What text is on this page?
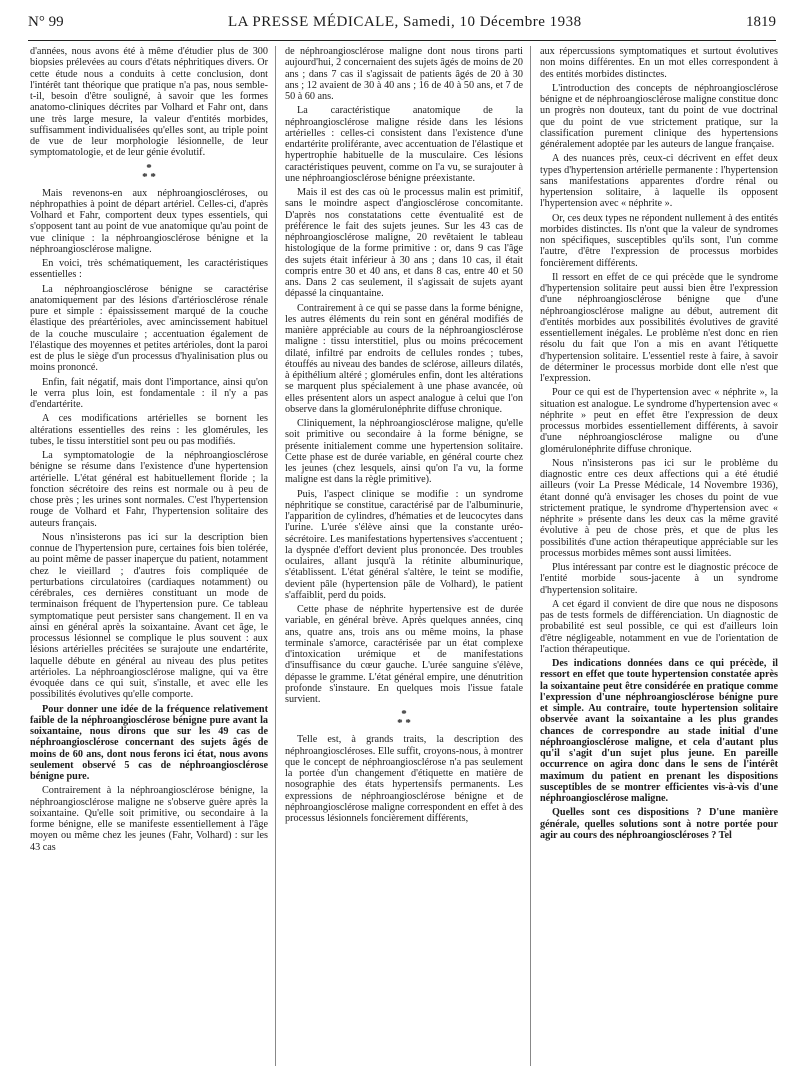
N° 99	LA PRESSE MÉDICALE, Samedi, 10 Décembre 1938	1819

d'années, nous avons été à même d'étudier plus de 300 biopsies prélevées au cours d'états néphritiques divers. Or cette étude nous a conduits à cette conclusion, dont l'intérêt tant théorique que pratique n'a pas, nous semble-t-il, besoin d'être souligné, à savoir que les formes anatomo-cliniques décrites par Volhard et Fahr ont, dans une très large mesure, la valeur d'entités morbides, suffisamment individualisées qu'elles sont, au triple point de vue de leur morphologie lésionnelle, de leur symptomatologie, et de leur génie évolutif.

*
* *

Mais revenons-en aux néphroangioscléroses, ou néphropathies à point de départ artériel. Celles-ci, d'après Volhard et Fahr, comportent deux types essentiels, qui s'opposent tant au point de vue anatomique qu'au point de vue clinique : la néphroangiosclérose bénigne et la néphroangiosclérose maligne.

En voici, très schématiquement, les caractéristiques essentielles :

La néphroangiosclérose bénigne se caractérise anatomiquement par des lésions d'artériosclérose rénale pure et simple : épaississement marqué de la couche élastique des préartérioles, avec amincissement habituel de la couche musculaire ; accentuation également de l'élastique des moyennes et petites artérioles, dont la paroi est de plus le siège d'un processus d'hyalinisation plus ou moins prononcé.

Enfin, fait négatif, mais dont l'importance, ainsi qu'on le verra plus loin, est fondamentale : il n'y a pas d'endartérite.

A ces modifications artérielles se bornent les altérations essentielles des reins : les glomérules, les tubes, le tissu interstitiel sont peu ou pas modifiés.

La symptomatologie de la néphroangiosclérose bénigne se résume dans l'existence d'une hypertension artérielle. L'état général est habituellement floride ; la fonction sécrétoire des reins est normale ou à peu de chose près ; les urines sont normales. C'est l'hypertension rouge de Volhard et Fahr, l'hypertension solitaire des auteurs français.

Nous n'insisterons pas ici sur la description bien connue de l'hypertension pure, certaines fois bien tolérée, au point même de passer inaperçue du patient, notamment chez le vieillard ; d'autres fois compliquée de perturbations circulatoires (cardiaques notamment) ou cérébrales, ces dernières constituant un mode de terminaison fréquent de l'hypertension pure. Ce tableau symptomatique peut persister sans changement. Il en va ainsi en général après la soixantaine. Avant cet âge, le processus lésionnel se complique le plus souvent : aux lésions artérielles précitées se surajoute une endartérite, laquelle débute en général au niveau des plus petites artérioles. La néphroangiosclérose maligne, qui va être évoquée dans ce qui suit, s'installe, et avec elle les possibilités évolutives qu'elle comporte.

Pour donner une idée de la fréquence relativement faible de la néphroangiosclérose bénigne pure avant la soixantaine, nous dirons que sur les 49 cas de néphroangiosclérose concernant des sujets âgés de moins de 60 ans, dont nous ferons ici état, nous avons seulement observé 5 cas de néphroangiosclérose bénigne pure.

Contrairement à la néphroangiosclérose bénigne, la néphroangiosclérose maligne ne s'observe guère après la soixantaine. Qu'elle soit primitive, ou secondaire à la forme bénigne, elle se manifeste essentiellement à l'âge moyen ou même chez les jeunes (Fahr, Volhard) : sur les 43 cas

de néphroangiosclérose maligne dont nous tirons parti aujourd'hui, 2 concernaient des sujets âgés de moins de 20 ans ; dans 7 cas il s'agissait de patients âgés de 20 à 30 ans ; 12 avaient de 30 à 40 ans ; 16 de 40 à 50 ans, et 7 de 50 à 60 ans.

La caractéristique anatomique de la néphroangiosclérose maligne réside dans les lésions artérielles : celles-ci consistent dans l'existence d'une endartérite proliférante, avec accentuation de l'élastique et hypertrophie habituelle de la musculaire. Ces lésions caractéristiques peuvent, comme on l'a vu, se surajouter à une néphroangiosclérose bénigne préexistante.

Mais il est des cas où le processus malin est primitif, sans le moindre aspect d'angiosclérose concomitante. D'après nos constatations cette éventualité est de préférence le fait des sujets jeunes. Sur les 43 cas de néphroangiosclérose maligne, 20 revêtaient le tableau histologique de la forme primitive : or, dans 9 cas l'âge des sujets était inférieur à 30 ans ; dans 10 cas, il était compris entre 30 et 40 ans, et dans 8 cas, entre 40 et 50 ans. Dans 2 cas seulement, il s'agissait de sujets ayant dépassé la cinquantaine.

Contrairement à ce qui se passe dans la forme bénigne, les autres éléments du rein sont en général modifiés de manière appréciable au cours de la néphroangiosclérose maligne : tissu interstitiel, plus ou moins précocement dilaté, infiltré par endroits de cellules rondes ; tubes, étouffés au niveau des bandes de sclérose, ailleurs dilatés, à épithélium altéré ; glomérules enfin, dont les altérations se marquent plus spécialement à une phase avancée, où elles présentent alors un aspect analogue à celui que l'on observe dans la glomérulonéphrite diffuse chronique.

Cliniquement, la néphroangiosclérose maligne, qu'elle soit primitive ou secondaire à la forme bénigne, se présente initialement comme une hypertension solitaire. Cette phase est de durée variable, en général courte chez les jeunes (chez lesquels, ainsi qu'on l'a vu, la forme maligne est dans la règle primitive).

Puis, l'aspect clinique se modifie : un syndrome néphritique se constitue, caractérisé par de l'albuminurie, l'apparition de cylindres, d'hématies et de leucocytes dans l'urine. L'urée s'élève ainsi que la constante uréo-sécrétoire. Les manifestations hypertensives s'accentuent ; la dyspnée d'effort devient plus prononcée. Des troubles oculaires, allant jusqu'à la rétinite albuminurique, s'établissent. L'état général s'altère, le teint se modifie, devient pâle (hypertension pâle de Volhard), le patient s'affaiblit, perd du poids.

Cette phase de néphrite hypertensive est de durée variable, en général brève. Après quelques années, cinq ans, quatre ans, trois ans ou même moins, la phase terminale s'amorce, caractérisée par un état complexe d'intoxication urémique et de manifestations d'insuffisance du cœur gauche. L'urée sanguine s'élève, dépasse le gramme. L'état général empire, une dénutrition profonde s'instaure. En quelques mois l'issue fatale survient.

*
* *

Telle est, à grands traits, la description des néphroangioscléroses. Elle suffit, croyons-nous, à montrer que le concept de néphroangiosclérose n'a pas seulement la portée d'un changement d'étiquette en matière de nosographie des états hypertensifs permanents. Les expressions de néphroangiosclérose bénigne et de néphroangiosclérose maligne correspondent en effet à des processus lésionnels foncièrement différents,

aux répercussions symptomatiques et surtout évolutives non moins différentes. En un mot elles correspondent à des entités morbides distinctes.

L'introduction des concepts de néphroangiosclérose bénigne et de néphroangiosclérose maligne constitue donc un progrès non douteux, tant du point de vue doctrinal que du point de vue strictement pratique, sur la classification purement clinique des hypertensions généralement adoptée par les auteurs de langue française.

A des nuances près, ceux-ci décrivent en effet deux types d'hypertension artérielle permanente : l'hypertension sans manifestations apparentes d'ordre rénal ou hypertension solitaire, à laquelle ils opposent l'hypertension avec « néphrite ».

Or, ces deux types ne répondent nullement à des entités morbides distinctes. Ils n'ont que la valeur de syndromes non spécifiques, susceptibles qu'ils sont, l'un comme l'autre, d'être l'expression de processus morbides foncièrement différents.

Il ressort en effet de ce qui précède que le syndrome d'hypertension solitaire peut aussi bien être l'expression d'une néphroangiosclérose bénigne que d'une néphroangiosclérose maligne au début, autrement dit d'entités morbides aux possibilités évolutives de gravité essentiellement inégales. Le problème n'est donc en rien résolu du fait que l'on a mis en avant l'étiquette d'hypertension solitaire. L'essentiel reste à faire, à savoir de déterminer le processus morbide dont elle n'est que l'expression.

Pour ce qui est de l'hypertension avec « néphrite », la situation est analogue. Le syndrome d'hypertension avec « néphrite » peut en effet être l'expression de deux processus morbides essentiellement différents, à savoir d'une néphroangiosclérose maligne ou d'une glomérulonéphrite diffuse chronique.

Nous n'insisterons pas ici sur le problème du diagnostic entre ces deux affections qui a été étudié ailleurs (voir La Presse Médicale, 14 Novembre 1936), étant donné qu'à envisager les choses du point de vue strictement pratique, le syndrome d'hypertension avec « néphrite » présente dans les deux cas la même gravité évolutive à peu de chose près, et que de plus les possibilités d'une action thérapeutique appréciable sur les processus morbides mêmes sont aussi limitées.

Plus intéressant par contre est le diagnostic précoce de l'entité morbide sous-jacente à un syndrome d'hypertension solitaire.

A cet égard il convient de dire que nous ne disposons pas de tests formels de différenciation. Un diagnostic de probabilité est seul possible, ce qui est d'ailleurs loin d'être négligeable, notamment en vue de l'orientation de l'action thérapeutique.

Des indications données dans ce qui précède, il ressort en effet que toute hypertension constatée après la soixantaine peut être considérée en pratique comme l'expression d'une néphroangiosclérose bénigne pure et simple. Au contraire, toute hypertension solitaire observée avant la soixantaine a les plus grandes chances de correspondre au stade initial d'une néphroangiosclérose maligne, et cela d'autant plus qu'il s'agit d'un sujet plus jeune. En pareille occurrence on agira donc dans le sens de l'intérêt maximum du patient en prenant les dispositions susceptibles de se montrer efficientes vis-à-vis d'une néphroangiosclérose maligne.

Quelles sont ces dispositions ? D'une manière générale, quelles solutions sont à notre portée pour agir au cours des néphroangioscléroses ? Tel
